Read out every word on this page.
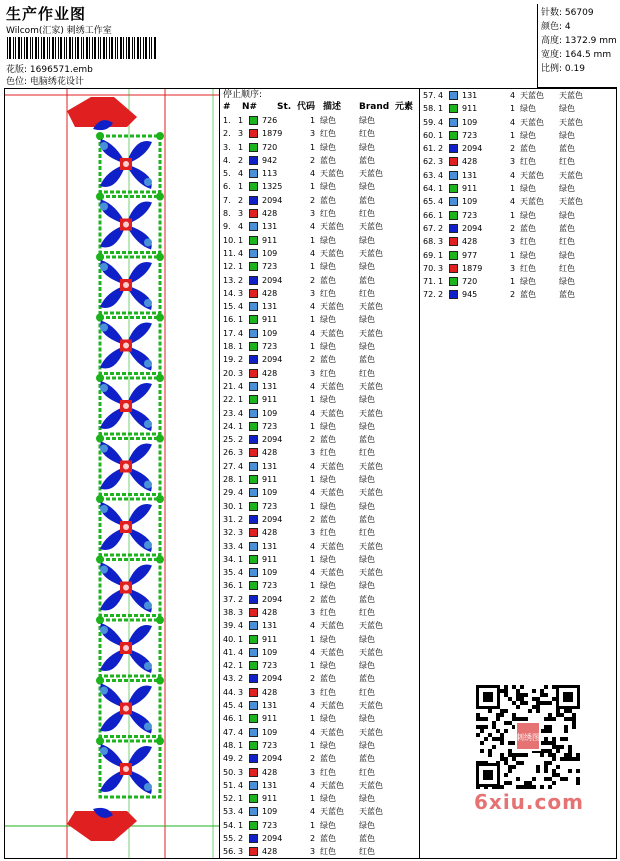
生产作业图
Wilcom(汇家) 刺绣工作室
花版: 1696571.emb
色位: 电脑绣花设计
针数: 56709
颜色: 4
高度: 1372.9 mm
宽度: 164.5 mm
比例: 0.19
停止顺序:
# N# St. 代码 描述 Brand 元素
1. 1 726	1 绿色	绿色
2. 3 1879	3 红色	红色
3. 1 720	1 绿色	绿色
4. 2 942	2 蓝色	蓝色
5. 4 113	4 天蓝色 天蓝色
6. 1 1325	1 绿色	绿色
7. 2 2094	2 蓝色	蓝色
8. 3 428	3 红色	红色
9. 4 131	4 天蓝色 天蓝色
10. 1 911	1 绿色	绿色
11. 4 109	4 天蓝色 天蓝色
12. 1 723	1 绿色	绿色
13. 2 2094	2 蓝色	蓝色
14. 3 428	3 红色	红色
15. 4 131	4 天蓝色 天蓝色
16. 1 911	1 绿色	绿色
17. 4 109	4 天蓝色 天蓝色
18. 1 723	1 绿色	绿色
19. 2 2094	2 蓝色	蓝色
20. 3 428	3 红色	红色
21. 4 131	4 天蓝色 天蓝色
22. 1 911	1 绿色	绿色
23. 4 109	4 天蓝色 天蓝色
24. 1 723	1 绿色	绿色
25. 2 2094	2 蓝色	蓝色
26. 3 428	3 红色	红色
27. 4 131	4 天蓝色 天蓝色
28. 1 911	1 绿色	绿色
29. 4 109	4 天蓝色 天蓝色
30. 1 723	1 绿色	绿色
31. 2 2094	2 蓝色	蓝色
32. 3 428	3 红色	红色
33. 4 131	4 天蓝色 天蓝色
34. 1 911	1 绿色	绿色
35. 4 109	4 天蓝色 天蓝色
36. 1 723	1 绿色	绿色
37. 2 2094	2 蓝色	蓝色
38. 3 428	3 红色	红色
39. 4 131	4 天蓝色 天蓝色
40. 1 911	1 绿色	绿色
41. 4 109	4 天蓝色 天蓝色
42. 1 723	1 绿色	绿色
43. 2 2094	2 蓝色	蓝色
44. 3 428	3 红色	红色
45. 4 131	4 天蓝色 天蓝色
46. 1 911	1 绿色	绿色
47. 4 109	4 天蓝色 天蓝色
48. 1 723	1 绿色	绿色
49. 2 2094	2 蓝色	蓝色
50. 3 428	3 红色	红色
51. 4 131	4 天蓝色 天蓝色
52. 1 911	1 绿色	绿色
53. 4 109	4 天蓝色 天蓝色
54. 1 723	1 绿色	绿色
55. 2 2094	2 蓝色	蓝色
56. 3 428	3 红色	红色
57. 4 131	4 天蓝色 天蓝色
58. 1 911	1 绿色	绿色
59. 4 109	4 天蓝色 天蓝色
60. 1 723	1 绿色	绿色
61. 2 2094	2 蓝色	蓝色
62. 3 428	3 红色	红色
63. 4 131	4 天蓝色 天蓝色
64. 1 911	1 绿色	绿色
65. 4 109	4 天蓝色 天蓝色
66. 1 723	1 绿色	绿色
67. 2 2094	2 蓝色	蓝色
68. 3 428	3 红色	红色
69. 1 977	1 绿色	绿色
70. 3 1879	3 红色	红色
71. 1 720	1 绿色	绿色
72. 2 945	2 蓝色	蓝色
刺绣图
6xiu.com
